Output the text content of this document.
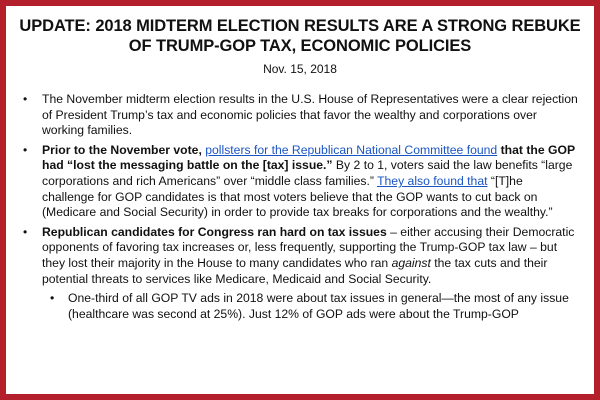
UPDATE: 2018 MIDTERM ELECTION RESULTS ARE A STRONG REBUKE
OF TRUMP-GOP TAX, ECONOMIC POLICIES
Nov. 15, 2018
• The November midterm election results in the U.S. House of Representatives were a clear rejection of President Trump’s tax and economic policies that favor the wealthy and corporations over working families.
• Prior to the November vote, pollsters for the Republican National Committee found that the GOP had “lost the messaging battle on the [tax] issue.” By 2 to 1, voters said the law benefits “large corporations and rich Americans” over “middle class families.” They also found that “[T]he challenge for GOP candidates is that most voters believe that the GOP wants to cut back on (Medicare and Social Security) in order to provide tax breaks for corporations and the wealthy.”
• Republican candidates for Congress ran hard on tax issues – either accusing their Democratic opponents of favoring tax increases or, less frequently, supporting the Trump-GOP tax law – but they lost their majority in the House to many candidates who ran against the tax cuts and their potential threats to services like Medicare, Medicaid and Social Security.
• One-third of all GOP TV ads in 2018 were about tax issues in general—the most of any issue (healthcare was second at 25%). Just 12% of GOP ads were about the Trump-GOP
